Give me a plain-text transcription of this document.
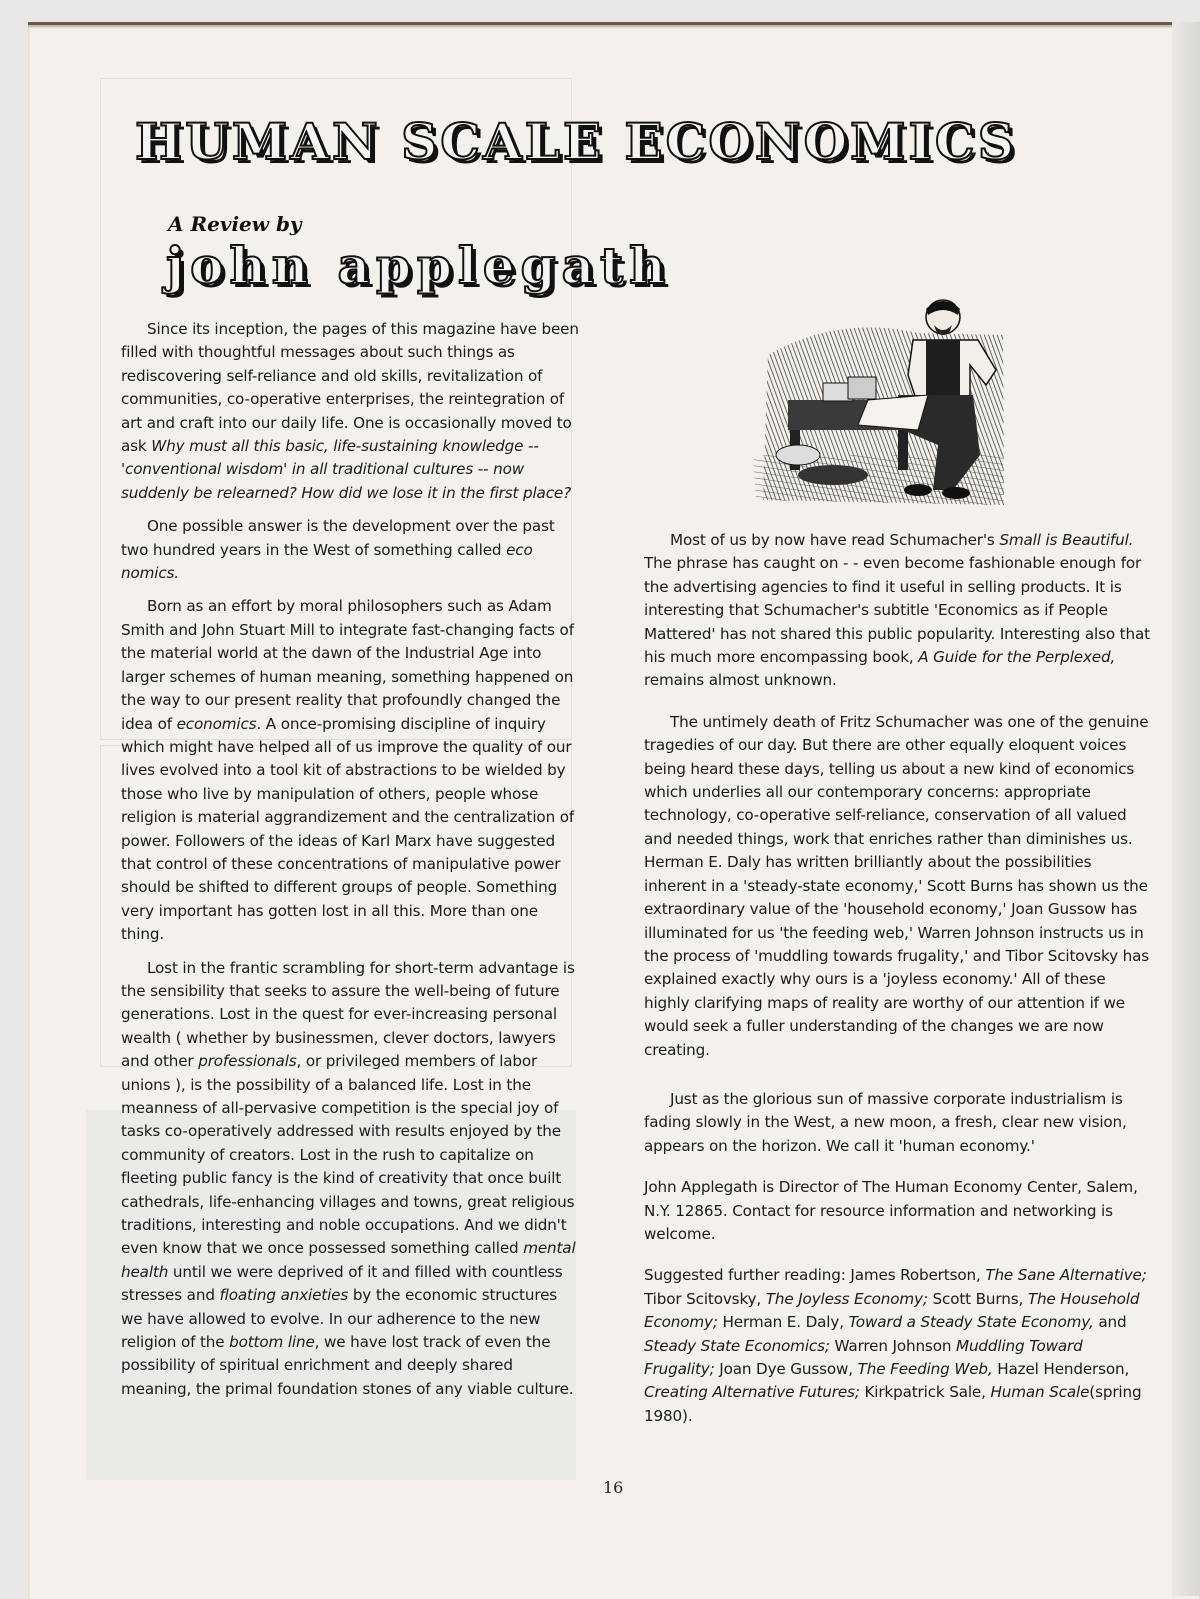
HUMAN SCALE ECONOMICS
A Review by
john applegath

Since its inception, the pages of this magazine have been filled with thoughtful messages about such things as rediscovering self-reliance and old skills, revitalization of communities, co-operative enterprises, the reintegration of art and craft into our daily life. One is occasionally moved to ask Why must all this basic, life-sustaining knowledge -- 'conventional wisdom' in all traditional cultures -- now suddenly be relearned? How did we lose it in the first place?

One possible answer is the development over the past two hundred years in the West of something called eco nomics.

Born as an effort by moral philosophers such as Adam Smith and John Stuart Mill to integrate fast-changing facts of the material world at the dawn of the Industrial Age into larger schemes of human meaning, something happened on the way to our present reality that profoundly changed the idea of economics. A once-promising discipline of inquiry which might have helped all of us improve the quality of our lives evolved into a tool kit of abstractions to be wielded by those who live by manipulation of others, people whose religion is material aggrandizement and the centralization of power. Followers of the ideas of Karl Marx have suggested that control of these concentrations of manipulative power should be shifted to different groups of people. Something very important has gotten lost in all this. More than one thing.

Lost in the frantic scrambling for short-term advantage is the sensibility that seeks to assure the well-being of future generations. Lost in the quest for ever-increasing personal wealth ( whether by businessmen, clever doctors, lawyers and other professionals, or privileged members of labor unions ), is the possibility of a balanced life. Lost in the meanness of all-pervasive competition is the special joy of tasks co-operatively addressed with results enjoyed by the community of creators. Lost in the rush to capitalize on fleeting public fancy is the kind of creativity that once built cathedrals, life-enhancing villages and towns, great religious traditions, interesting and noble occupations. And we didn't even know that we once possessed something called mental health until we were deprived of it and filled with countless stresses and floating anxieties by the economic structures we have allowed to evolve. In our adherence to the new religion of the bottom line, we have lost track of even the possibility of spiritual enrichment and deeply shared meaning, the primal foundation stones of any viable culture.

Most of us by now have read Schumacher's Small is Beautiful. The phrase has caught on - - even become fashionable enough for the advertising agencies to find it useful in selling products. It is interesting that Schumacher's subtitle 'Economics as if People Mattered' has not shared this public popularity. Interesting also that his much more encompassing book, A Guide for the Perplexed, remains almost unknown.

The untimely death of Fritz Schumacher was one of the genuine tragedies of our day. But there are other equally eloquent voices being heard these days, telling us about a new kind of economics which underlies all our contemporary concerns: appropriate technology, co-operative self-reliance, conservation of all valued and needed things, work that enriches rather than diminishes us. Herman E. Daly has written brilliantly about the possibilities inherent in a 'steady-state economy,' Scott Burns has shown us the extraordinary value of the 'household economy,' Joan Gussow has illuminated for us 'the feeding web,' Warren Johnson instructs us in the process of 'muddling towards frugality,' and Tibor Scitovsky has explained exactly why ours is a 'joyless economy.' All of these highly clarifying maps of reality are worthy of our attention if we would seek a fuller understanding of the changes we are now creating.

Just as the glorious sun of massive corporate industrialism is fading slowly in the West, a new moon, a fresh, clear new vision, appears on the horizon. We call it 'human economy.'

John Applegath is Director of The Human Economy Center, Salem, N.Y. 12865. Contact for resource information and networking is welcome.

Suggested further reading: James Robertson, The Sane Alternative; Tibor Scitovsky, The Joyless Economy; Scott Burns, The Household Economy; Herman E. Daly, Toward a Steady State Economy, and Steady State Economics; Warren Johnson Muddling Toward Frugality; Joan Dye Gussow, The Feeding Web, Hazel Henderson, Creating Alternative Futures; Kirkpatrick Sale, Human Scale(spring 1980).

16
